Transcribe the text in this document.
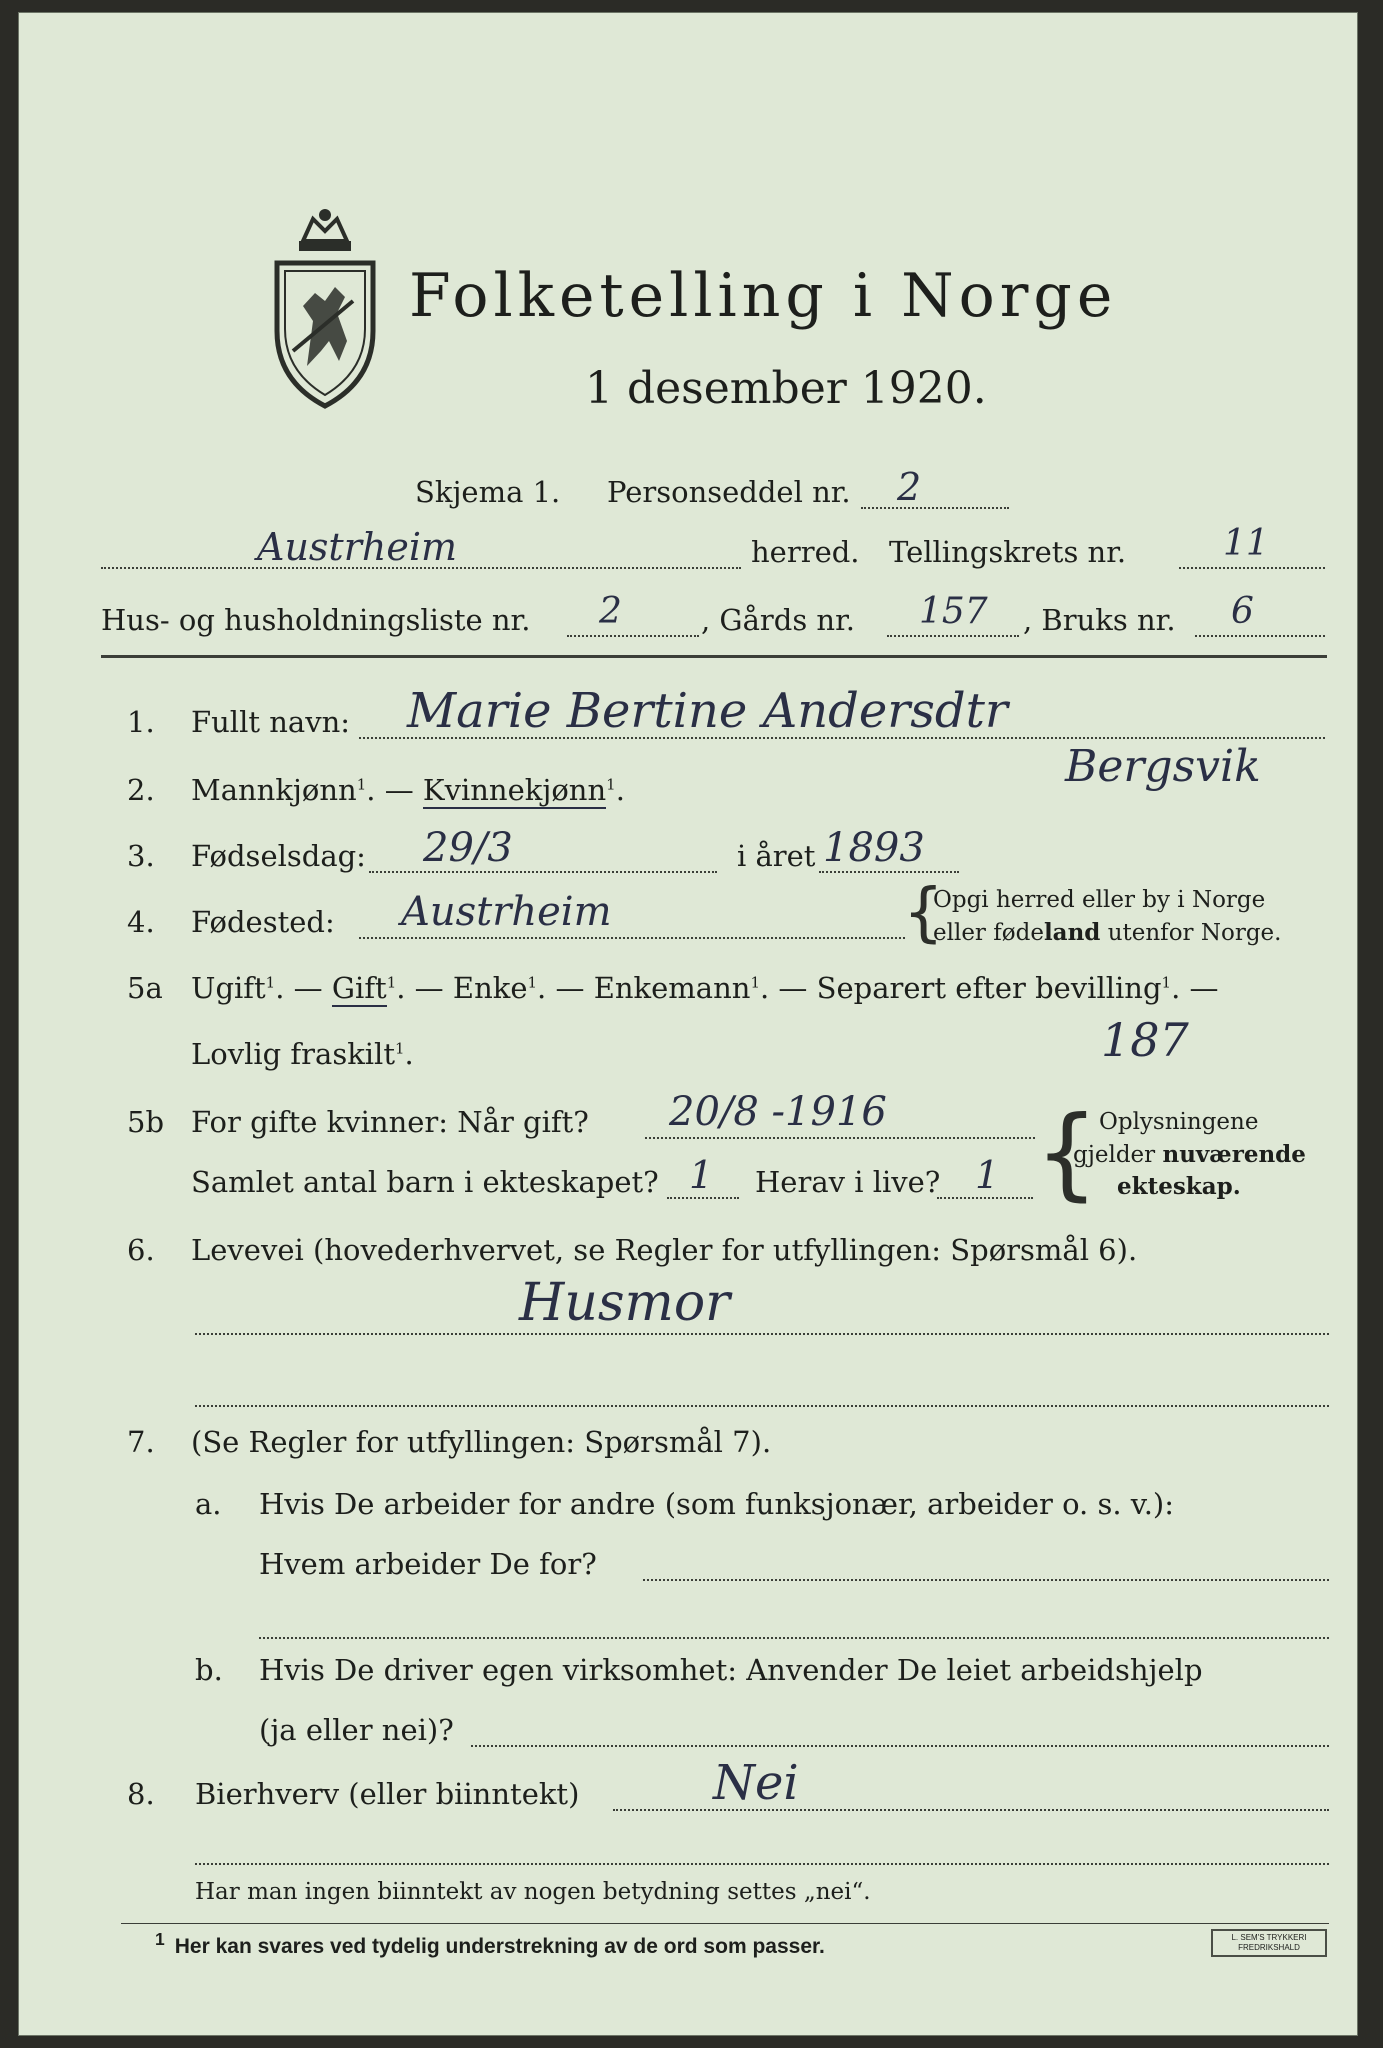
Folketelling i Norge
1 desember 1920.
Skjema 1. Personseddel nr. 2
Austrheim	herred. Tellingskrets nr.	11
Hus- og husholdningsliste nr. 2	, Gårds nr. 157 , Bruks nr. 6
1. Fullt navn: Marie Bertine Andersdtr
Bergsvik
2. Mannkjønn$^1$. — Kvinnekjønn$^1$.
3. Fødselsdag: 29/3	i året 1893
4. Fødested: Austrheim	{
Opgi herred eller by i Norge
eller fødeland utenfor Norge.
5a Ugift$^1$. — Gift$^1$. — Enke$^1$. — Enkemann$^1$. — Separert efter bevilling$^1$. —
Lovlig fraskilt$^1$.	187
5b For gifte kvinner: Når gift? 20/8 -1916
Samlet antal barn i ekteskapet? 1 Herav i live? 1 { Oplysningene
gjelder nuværende
ekteskap.
6. Levevei (hovederhvervet, se Regler for utfyllingen: Spørsmål 6).
Husmor
7. (Se Regler for utfyllingen: Spørsmål 7).
a. Hvis De arbeider for andre (som funksjonær, arbeider o. s. v.):
Hvem arbeider De for?
b. Hvis De driver egen virksomhet: Anvender De leiet arbeidshjelp
(ja eller nei)?
8. Bierhverv (eller biinntekt)	Nei
Har man ingen biinntekt av nogen betydning settes „nei“.
$^1$ Her kan svares ved tydelig understrekning av de ord som passer.	L. SEM'S TRYKKERI FREDRIKSHALD
